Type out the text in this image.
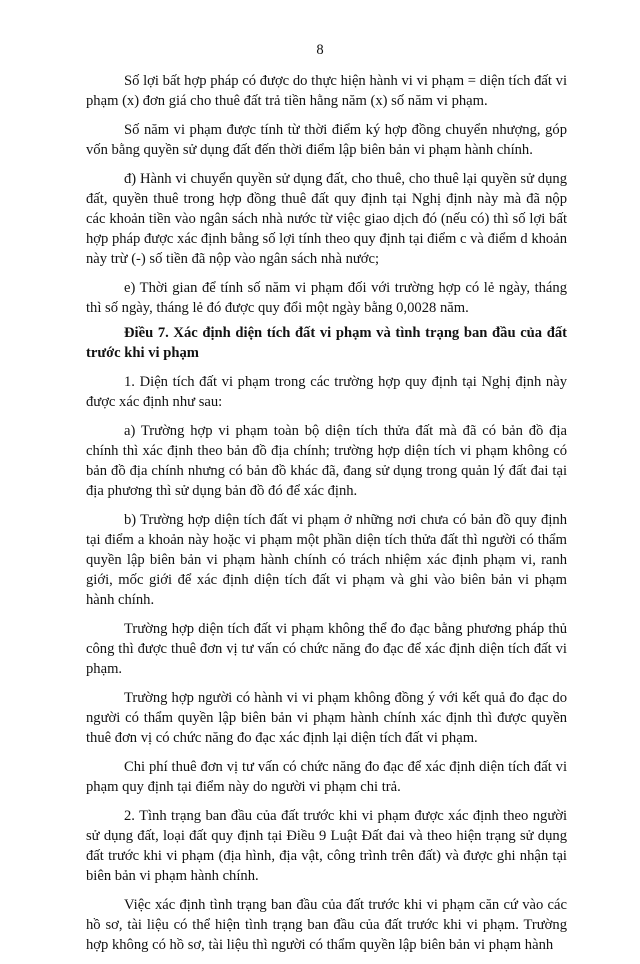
8

Số lợi bất hợp pháp có được do thực hiện hành vi vi phạm = diện tích đất vi phạm (x) đơn giá cho thuê đất trả tiền hằng năm (x) số năm vi phạm.

Số năm vi phạm được tính từ thời điểm ký hợp đồng chuyển nhượng, góp vốn bằng quyền sử dụng đất đến thời điểm lập biên bản vi phạm hành chính.

đ) Hành vi chuyển quyền sử dụng đất, cho thuê, cho thuê lại quyền sử dụng đất, quyền thuê trong hợp đồng thuê đất quy định tại Nghị định này mà đã nộp các khoản tiền vào ngân sách nhà nước từ việc giao dịch đó (nếu có) thì số lợi bất hợp pháp được xác định bằng số lợi tính theo quy định tại điểm c và điểm d khoản này trừ (-) số tiền đã nộp vào ngân sách nhà nước;

e) Thời gian để tính số năm vi phạm đối với trường hợp có lẻ ngày, tháng thì số ngày, tháng lẻ đó được quy đổi một ngày bằng 0,0028 năm.

Điều 7. Xác định diện tích đất vi phạm và tình trạng ban đầu của đất trước khi vi phạm

1. Diện tích đất vi phạm trong các trường hợp quy định tại Nghị định này được xác định như sau:

a) Trường hợp vi phạm toàn bộ diện tích thửa đất mà đã có bản đồ địa chính thì xác định theo bản đồ địa chính; trường hợp diện tích vi phạm không có bản đồ địa chính nhưng có bản đồ khác đã, đang sử dụng trong quản lý đất đai tại địa phương thì sử dụng bản đồ đó để xác định.

b) Trường hợp diện tích đất vi phạm ở những nơi chưa có bản đồ quy định tại điểm a khoản này hoặc vi phạm một phần diện tích thửa đất thì người có thẩm quyền lập biên bản vi phạm hành chính có trách nhiệm xác định phạm vi, ranh giới, mốc giới để xác định diện tích đất vi phạm và ghi vào biên bản vi phạm hành chính.

Trường hợp diện tích đất vi phạm không thể đo đạc bằng phương pháp thủ công thì được thuê đơn vị tư vấn có chức năng đo đạc để xác định diện tích đất vi phạm.

Trường hợp người có hành vi vi phạm không đồng ý với kết quả đo đạc do người có thẩm quyền lập biên bản vi phạm hành chính xác định thì được quyền thuê đơn vị có chức năng đo đạc xác định lại diện tích đất vi phạm.

Chi phí thuê đơn vị tư vấn có chức năng đo đạc để xác định diện tích đất vi phạm quy định tại điểm này do người vi phạm chi trả.

2. Tình trạng ban đầu của đất trước khi vi phạm được xác định theo người sử dụng đất, loại đất quy định tại Điều 9 Luật Đất đai và theo hiện trạng sử dụng đất trước khi vi phạm (địa hình, địa vật, công trình trên đất) và được ghi nhận tại biên bản vi phạm hành chính.

Việc xác định tình trạng ban đầu của đất trước khi vi phạm căn cứ vào các hồ sơ, tài liệu có thể hiện tình trạng ban đầu của đất trước khi vi phạm. Trường hợp không có hồ sơ, tài liệu thì người có thẩm quyền lập biên bản vi phạm hành
